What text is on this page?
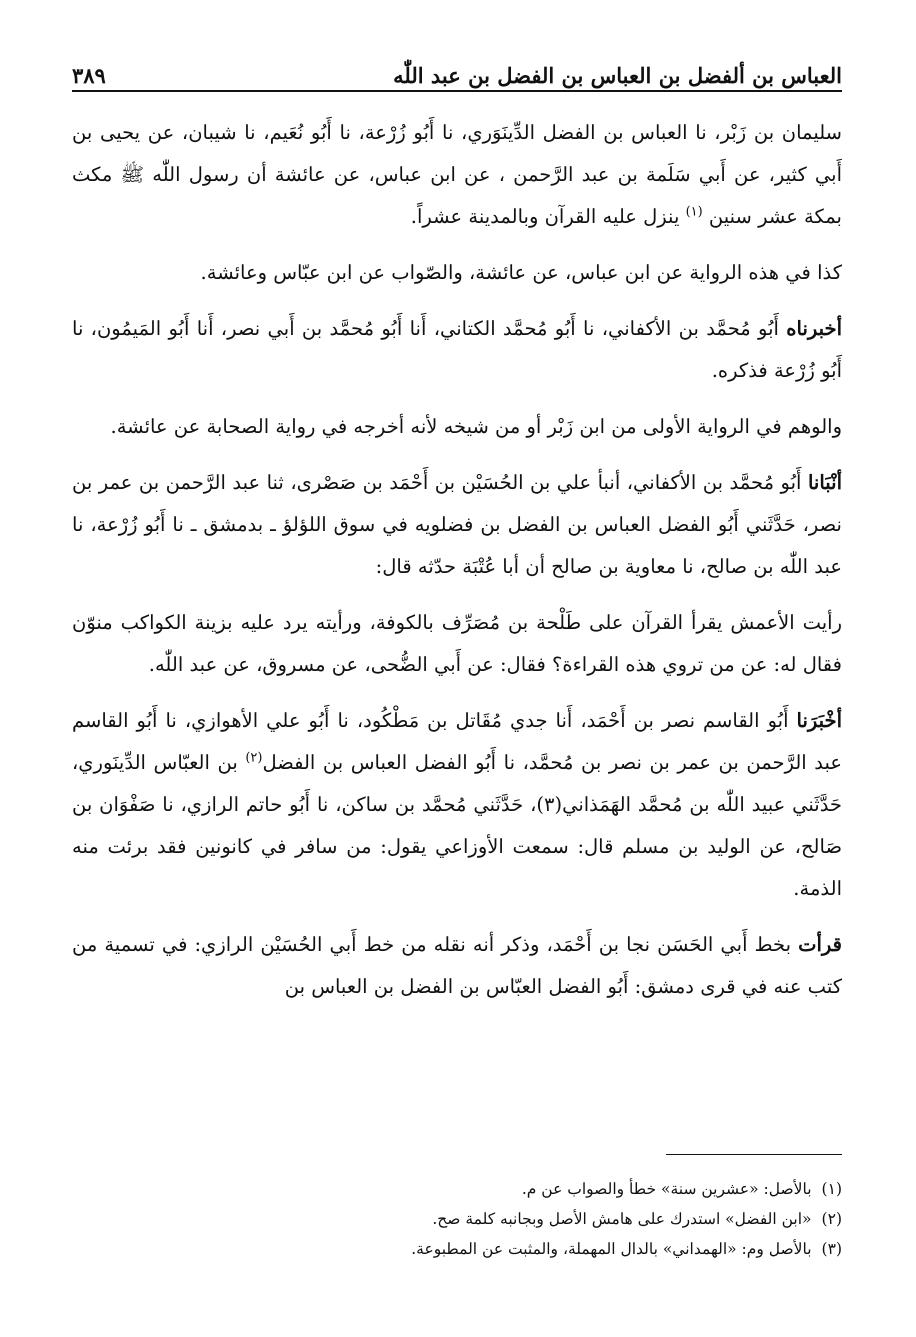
العباس بن ألفضل بن العباس بن الفضل بن عبد اللّٰه
٣٨٩

سليمان بن زَبْر، نا العباس بن الفضل الدِّينَوَري، نا أَبُو زُرْعة، نا أَبُو نُعَيم، نا شيبان، عن يحيى بن أَبي كثير، عن أَبي سَلَمة بن عبد الرَّحمن ، عن ابن عباس، عن عائشة أن رسول اللّٰه ﷺ مكث بمكة عشر سنين $^{(١)}$ ينزل عليه القرآن وبالمدينة عشراً.

كذا في هذه الرواية عن ابن عباس، عن عائشة، والصّواب عن ابن عبّاس وعائشة.

أخبرناه أَبُو مُحمَّد بن الأكفاني، نا أَبُو مُحمَّد الكتاني، أَنا أَبُو مُحمَّد بن أَبي نصر، أَنا أَبُو المَيمُون، نا أَبُو زُرْعة فذكره.

والوهم في الرواية الأولى من ابن زَبْر أو من شيخه لأنه أخرجه في رواية الصحابة عن عائشة.

أنْبَانا أَبُو مُحمَّد بن الأكفاني، أنبأ علي بن الحُسَيْن بن أَحْمَد بن صَصْرى، ثنا عبد الرَّحمن بن عمر بن نصر، حَدَّثَني أَبُو الفضل العباس بن الفضل بن فضلويه في سوق اللؤلؤ ـ بدمشق ـ نا أَبُو زُرْعة، نا عبد اللّٰه بن صالح، نا معاوية بن صالح أن أبا عُتْبَة حدّثه قال:

رأيت الأعمش يقرأ القرآن على طَلْحة بن مُصَرِّف بالكوفة، ورأيته يرد عليه بزينة الكواكب منوّن فقال له: عن من تروي هذه القراءة؟ فقال: عن أَبي الضُّحى، عن مسروق، عن عبد اللّٰه.

أخْبَرَنا أَبُو القاسم نصر بن أَحْمَد، أَنا جدي مُقَاتل بن مَطْكُود، نا أَبُو علي الأهوازي، نا أَبُو القاسم عبد الرَّحمن بن عمر بن نصر بن مُحمَّد، نا أَبُو الفضل العباس بن الفضل$^{(٢)}$ بن العبّاس الدِّينَوري، حَدَّثَني عبيد اللّٰه بن مُحمَّد الهَمَذاني(٣)، حَدَّثَني مُحمَّد بن ساكن، نا أَبُو حاتم الرازي، نا صَفْوَان بن صَالح، عن الوليد بن مسلم قال: سمعت الأوزاعي يقول: من سافر في كانونين فقد برئت منه الذمة.

قرأت بخط أَبي الحَسَن نجا بن أَحْمَد، وذكر أنه نقله من خط أَبي الحُسَيْن الرازي: في تسمية من كتب عنه في قرى دمشق: أَبُو الفضل العبّاس بن الفضل بن العباس بن

(١)
بالأصل: «عشرين سنة» خطأ والصواب عن م.
(٢)
«ابن الفضل» استدرك على هامش الأصل وبجانبه كلمة صح.
(٣)
بالأصل وم: «الهمداني» بالدال المهملة، والمثبت عن المطبوعة.
